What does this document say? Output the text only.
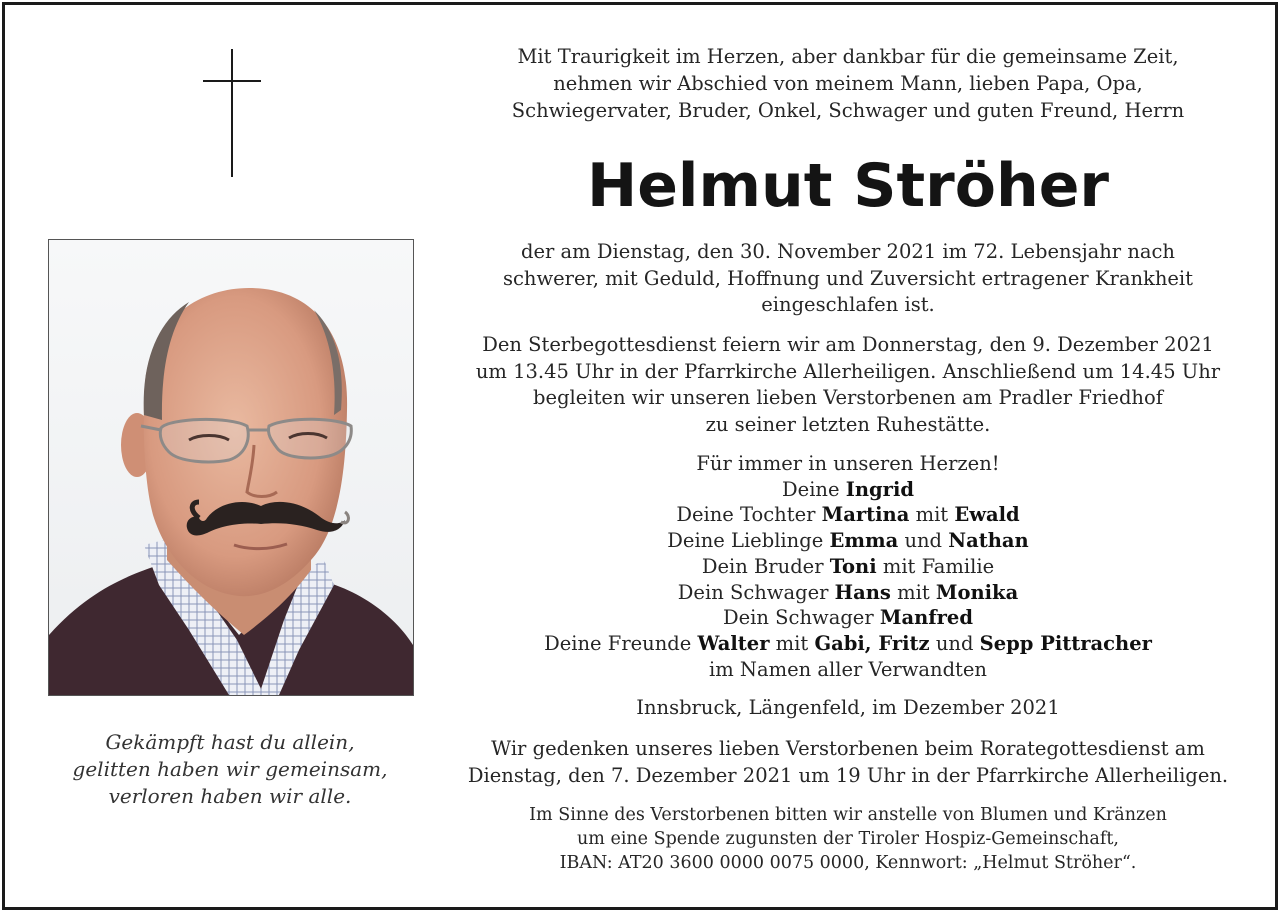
Gekämpft hast du allein,
gelitten haben wir gemeinsam,
verloren haben wir alle.
Mit Traurigkeit im Herzen, aber dankbar für die gemeinsame Zeit,
nehmen wir Abschied von meinem Mann, lieben Papa, Opa,
Schwiegervater, Bruder, Onkel, Schwager und guten Freund, Herrn
Helmut Ströher
der am Dienstag, den 30. November 2021 im 72. Lebensjahr nach
schwerer, mit Geduld, Hoffnung und Zuversicht ertragener Krankheit
eingeschlafen ist.
Den Sterbegottesdienst feiern wir am Donnerstag, den 9. Dezember 2021
um 13.45 Uhr in der Pfarrkirche Allerheiligen. Anschließend um 14.45 Uhr
begleiten wir unseren lieben Verstorbenen am Pradler Friedhof
zu seiner letzten Ruhestätte.
Für immer in unseren Herzen!
Deine Ingrid
Deine Tochter Martina mit Ewald
Deine Lieblinge Emma und Nathan
Dein Bruder Toni mit Familie
Dein Schwager Hans mit Monika
Dein Schwager Manfred
Deine Freunde Walter mit Gabi, Fritz und Sepp Pittracher
im Namen aller Verwandten
Innsbruck, Längenfeld, im Dezember 2021
Wir gedenken unseres lieben Verstorbenen beim Rorategottesdienst am
Dienstag, den 7. Dezember 2021 um 19 Uhr in der Pfarrkirche Allerheiligen.
Im Sinne des Verstorbenen bitten wir anstelle von Blumen und Kränzen
um eine Spende zugunsten der Tiroler Hospiz-Gemeinschaft,
IBAN: AT20 3600 0000 0075 0000, Kennwort: „Helmut Ströher“.
